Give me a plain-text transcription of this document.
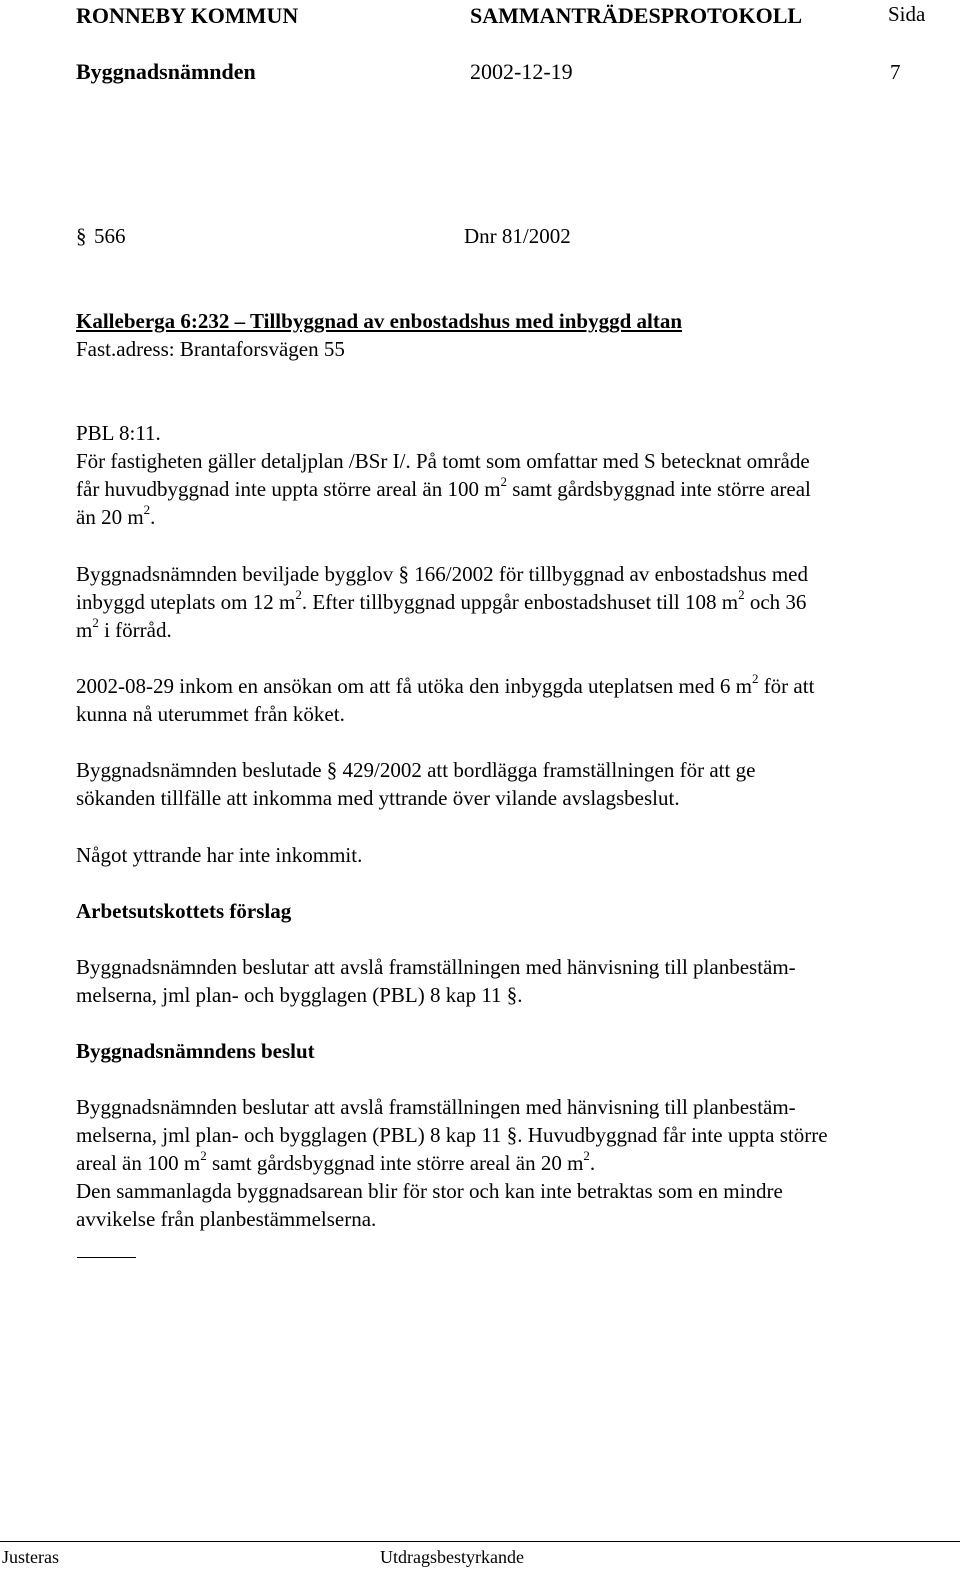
RONNEBY KOMMUN	SAMMANTRÄDESPROTOKOLL	Sida
Byggnadsnämnden	2002-12-19	7
§ 566	Dnr 81/2002
Kalleberga 6:232 – Tillbyggnad av enbostadshus med inbyggd altan
Fast.adress: Brantaforsvägen 55
PBL 8:11.
För fastigheten gäller detaljplan /BSr I/. På tomt som omfattar med S betecknat område
får huvudbyggnad inte uppta större areal än 100 $m^2$ samt gårdsbyggnad inte större areal
än 20 $m^2$.
Byggnadsnämnden beviljade bygglov § 166/2002 för tillbyggnad av enbostadshus med
inbyggd uteplats om 12 $m^2$. Efter tillbyggnad uppgår enbostadshuset till 108 $m^2$ och 36
$m^2$ i förråd.
2002-08-29 inkom en ansökan om att få utöka den inbyggda uteplatsen med 6 $m^2$ för att
kunna nå uterummet från köket.
Byggnadsnämnden beslutade § 429/2002 att bordlägga framställningen för att ge
sökanden tillfälle att inkomma med yttrande över vilande avslagsbeslut.
Något yttrande har inte inkommit.
Arbetsutskottets förslag
Byggnadsnämnden beslutar att avslå framställningen med hänvisning till planbestäm-
melserna, jml plan- och bygglagen (PBL) 8 kap 11 §.
Byggnadsnämndens beslut
Byggnadsnämnden beslutar att avslå framställningen med hänvisning till planbestäm-
melserna, jml plan- och bygglagen (PBL) 8 kap 11 §. Huvudbyggnad får inte uppta större
areal än 100 $m^2$ samt gårdsbyggnad inte större areal än 20 $m^2$.
Den sammanlagda byggnadsarean blir för stor och kan inte betraktas som en mindre
avvikelse från planbestämmelserna.
Justeras	Utdragsbestyrkande
